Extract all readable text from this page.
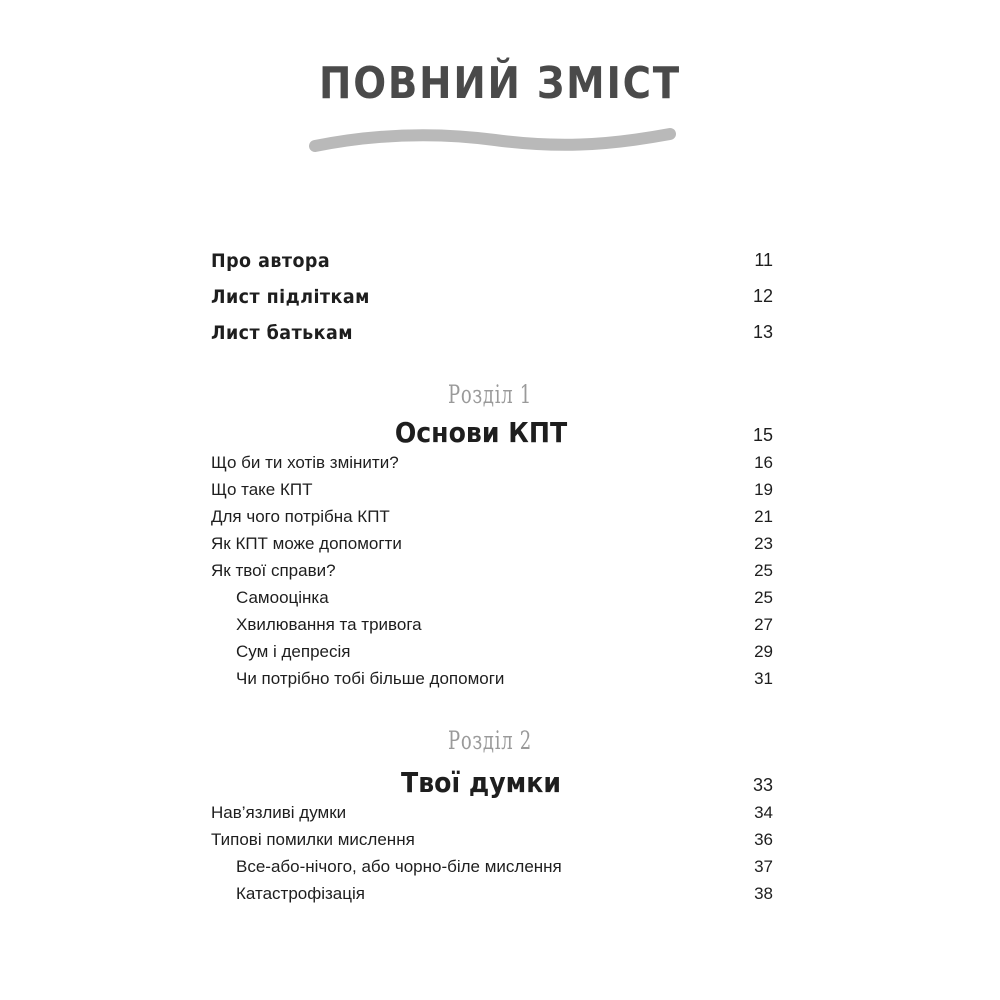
ПОВНИЙ ЗМІСТ
Про автора	11
Лист підліткам	12
Лист батькам	13
Розділ 1
Основи КПТ	15
Що би ти хотів змінити?	16
Що таке КПТ	19
Для чого потрібна КПТ	21
Як КПТ може допомогти	23
Як твої справи?	25
Самооцінка	25
Хвилювання та тривога	27
Сум і депресія	29
Чи потрібно тобі більше допомоги	31
Розділ 2
Твої думки	33
Нав’язливі думки	34
Типові помилки мислення	36
Все-або-нічого, або чорно-біле мислення	37
Катастрофізація	38
